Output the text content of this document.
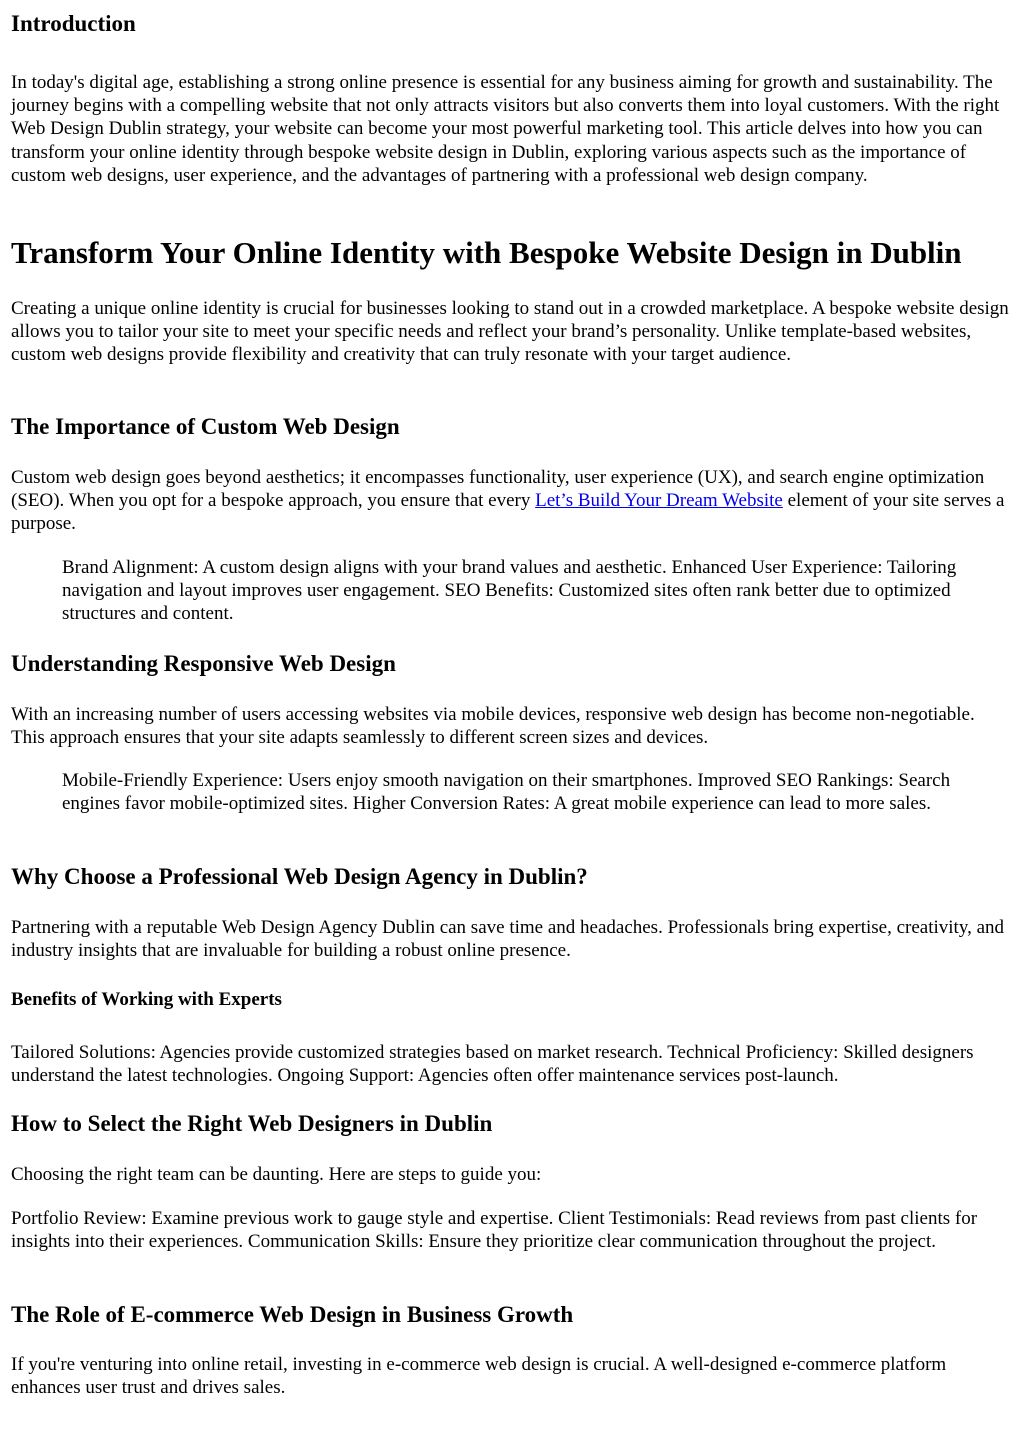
Introduction

In today's digital age, establishing a strong online presence is essential for any business aiming for growth and sustainability. The journey begins with a compelling website that not only attracts visitors but also converts them into loyal customers. With the right Web Design Dublin strategy, your website can become your most powerful marketing tool. This article delves into how you can transform your online identity through bespoke website design in Dublin, exploring various aspects such as the importance of custom web designs, user experience, and the advantages of partnering with a professional web design company.

Transform Your Online Identity with Bespoke Website Design in Dublin

Creating a unique online identity is crucial for businesses looking to stand out in a crowded marketplace. A bespoke website design allows you to tailor your site to meet your specific needs and reflect your brand’s personality. Unlike template-based websites, custom web designs provide flexibility and creativity that can truly resonate with your target audience.

The Importance of Custom Web Design

Custom web design goes beyond aesthetics; it encompasses functionality, user experience (UX), and search engine optimization (SEO). When you opt for a bespoke approach, you ensure that every Let’s Build Your Dream Website element of your site serves a purpose.

Brand Alignment: A custom design aligns with your brand values and aesthetic. Enhanced User Experience: Tailoring navigation and layout improves user engagement. SEO Benefits: Customized sites often rank better due to optimized structures and content.
Understanding Responsive Web Design

With an increasing number of users accessing websites via mobile devices, responsive web design has become non-negotiable. This approach ensures that your site adapts seamlessly to different screen sizes and devices.

Mobile-Friendly Experience: Users enjoy smooth navigation on their smartphones. Improved SEO Rankings: Search engines favor mobile-optimized sites. Higher Conversion Rates: A great mobile experience can lead to more sales.
Why Choose a Professional Web Design Agency in Dublin?

Partnering with a reputable Web Design Agency Dublin can save time and headaches. Professionals bring expertise, creativity, and industry insights that are invaluable for building a robust online presence.

Benefits of Working with Experts

Tailored Solutions: Agencies provide customized strategies based on market research. Technical Proficiency: Skilled designers understand the latest technologies. Ongoing Support: Agencies often offer maintenance services post-launch.

How to Select the Right Web Designers in Dublin

Choosing the right team can be daunting. Here are steps to guide you:

Portfolio Review: Examine previous work to gauge style and expertise. Client Testimonials: Read reviews from past clients for insights into their experiences. Communication Skills: Ensure they prioritize clear communication throughout the project.

The Role of E-commerce Web Design in Business Growth

If you're venturing into online retail, investing in e-commerce web design is crucial. A well-designed e-commerce platform enhances user trust and drives sales.
